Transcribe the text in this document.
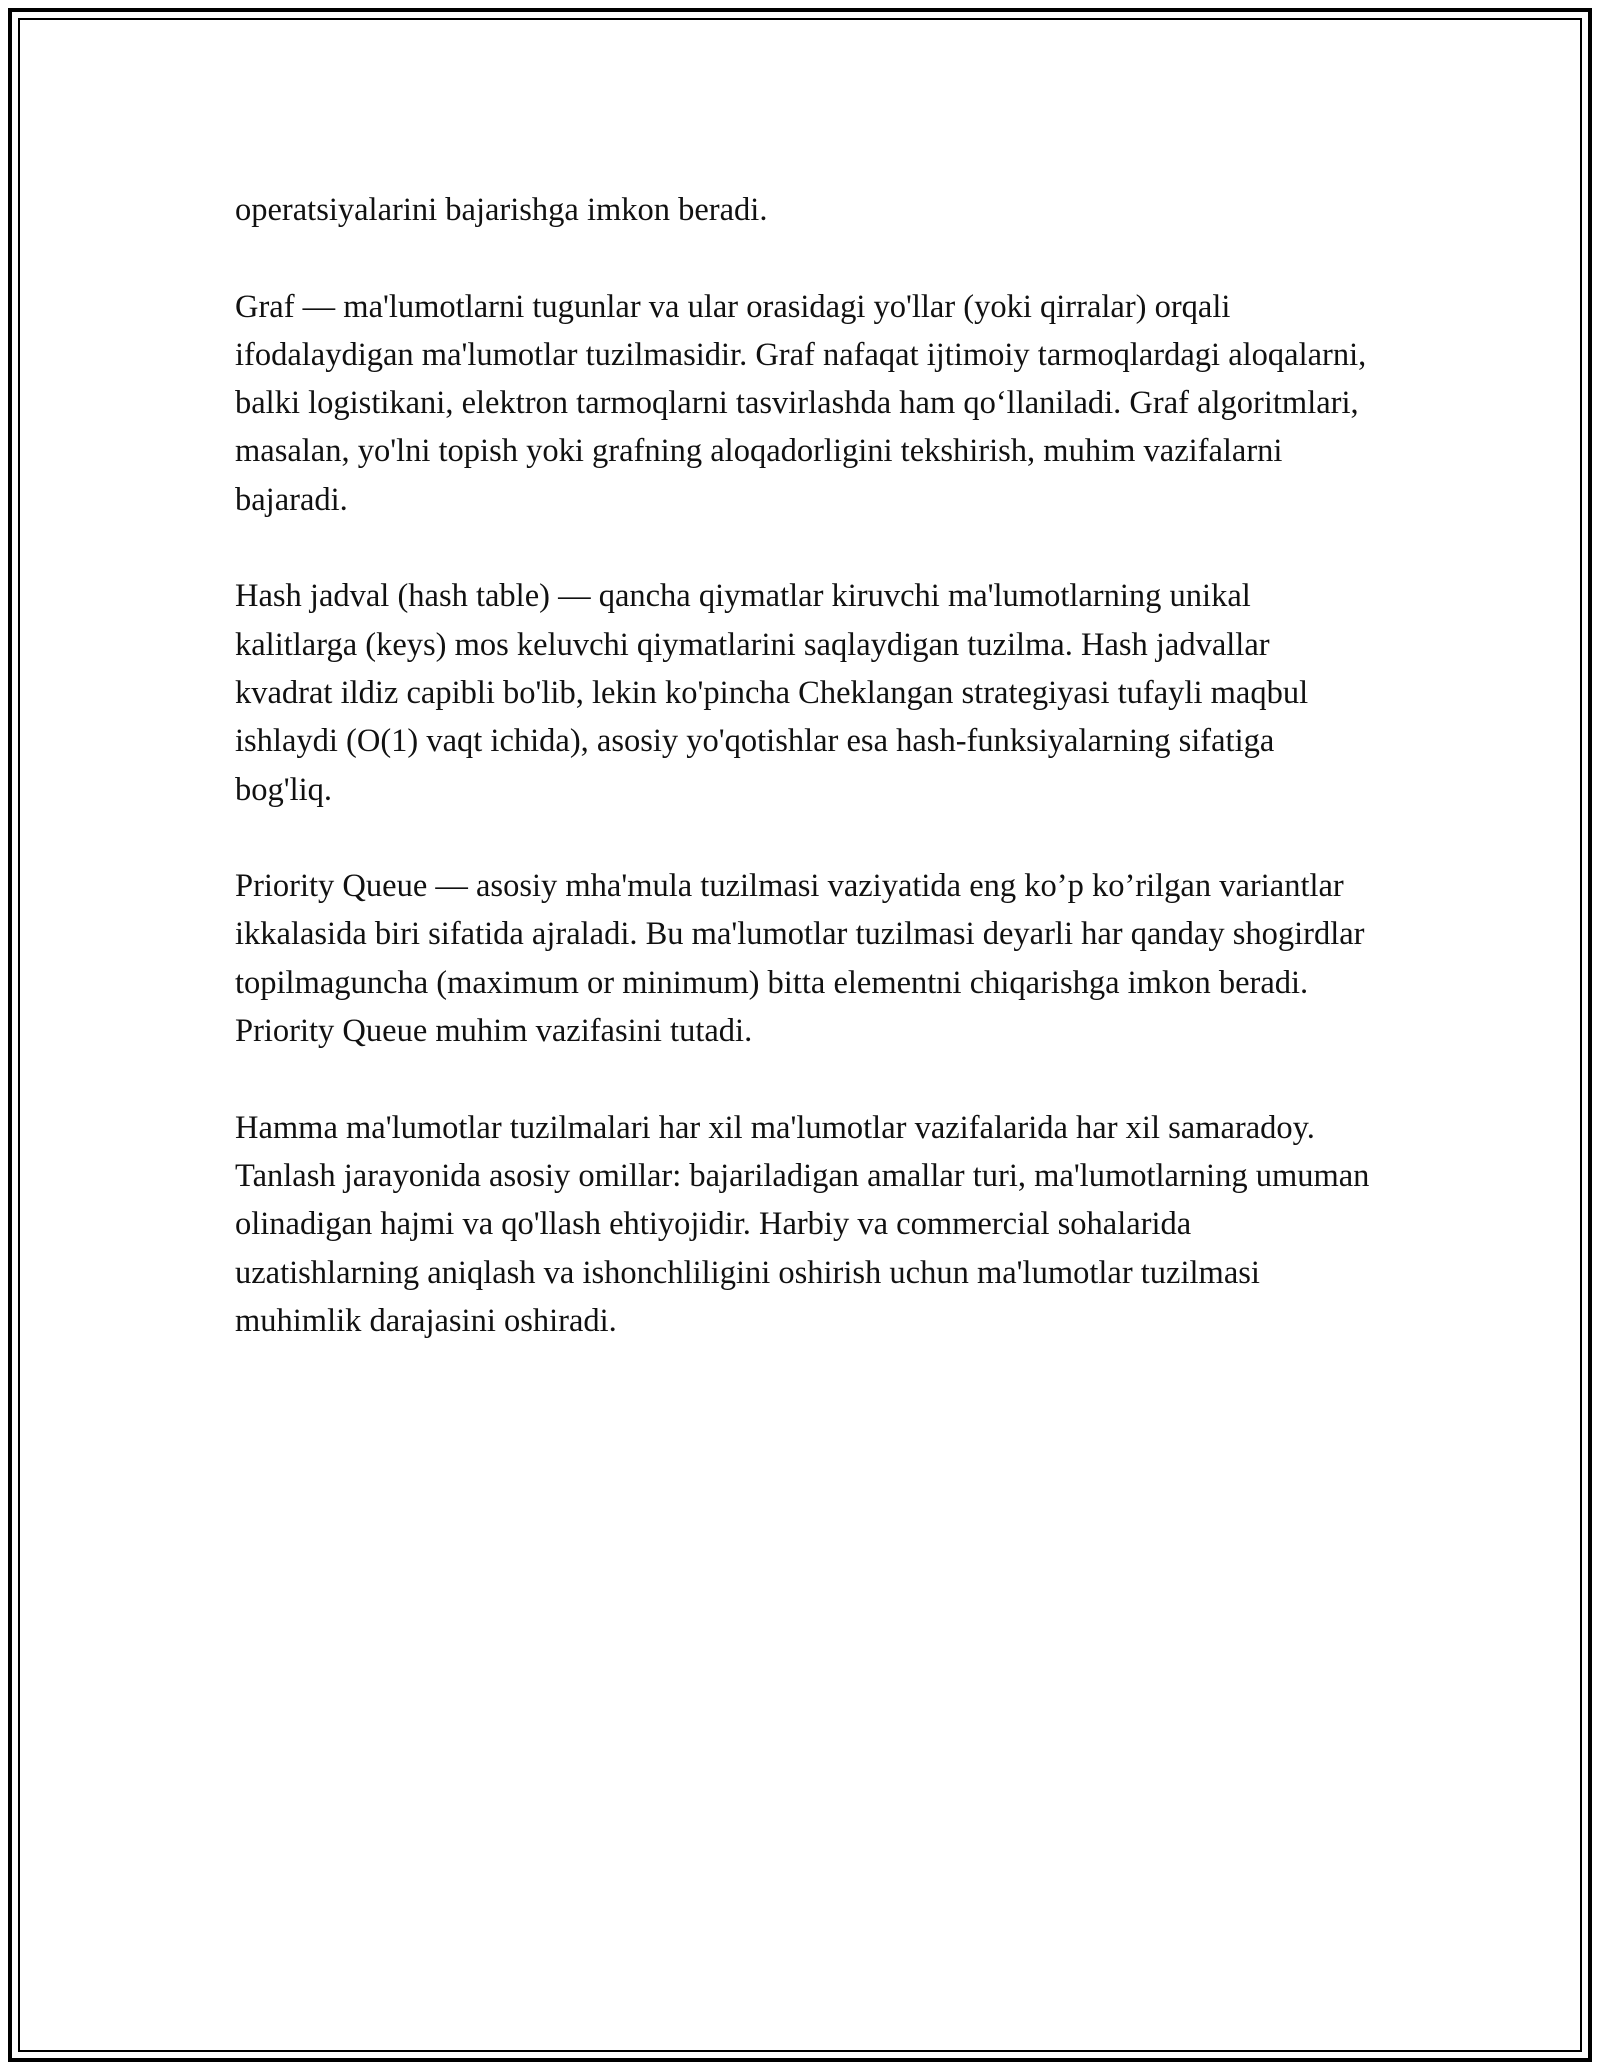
operatsiyalarini bajarishga imkon beradi.

Graf — ma'lumotlarni tugunlar va ular orasidagi yo'llar (yoki qirralar) orqali ifodalaydigan ma'lumotlar tuzilmasidir. Graf nafaqat ijtimoiy tarmoqlardagi aloqalarni, balki logistikani, elektron tarmoqlarni tasvirlashda ham qo‘llaniladi. Graf algoritmlari, masalan, yo'lni topish yoki grafning aloqadorligini tekshirish, muhim vazifalarni bajaradi.

Hash jadval (hash table) — qancha qiymatlar kiruvchi ma'lumotlarning unikal kalitlarga (keys) mos keluvchi qiymatlarini saqlaydigan tuzilma. Hash jadvallar kvadrat ildiz capibli bo'lib, lekin ko'pincha Cheklangan strategiyasi tufayli maqbul ishlaydi (O(1) vaqt ichida), asosiy yo'qotishlar esa hash-funksiyalarning sifatiga bog'liq.

Priority Queue — asosiy mha'mula tuzilmasi vaziyatida eng ko’p ko’rilgan variantlar ikkalasida biri sifatida ajraladi. Bu ma'lumotlar tuzilmasi deyarli har qanday shogirdlar topilmaguncha (maximum or minimum) bitta elementni chiqarishga imkon beradi. Priority Queue muhim vazifasini tutadi.

Hamma ma'lumotlar tuzilmalari har xil ma'lumotlar vazifalarida har xil samaradoy. Tanlash jarayonida asosiy omillar: bajariladigan amallar turi, ma'lumotlarning umuman olinadigan hajmi va qo'llash ehtiyojidir. Harbiy va commercial sohalarida uzatishlarning aniqlash va ishonchliligini oshirish uchun ma'lumotlar tuzilmasi muhimlik darajasini oshiradi.
